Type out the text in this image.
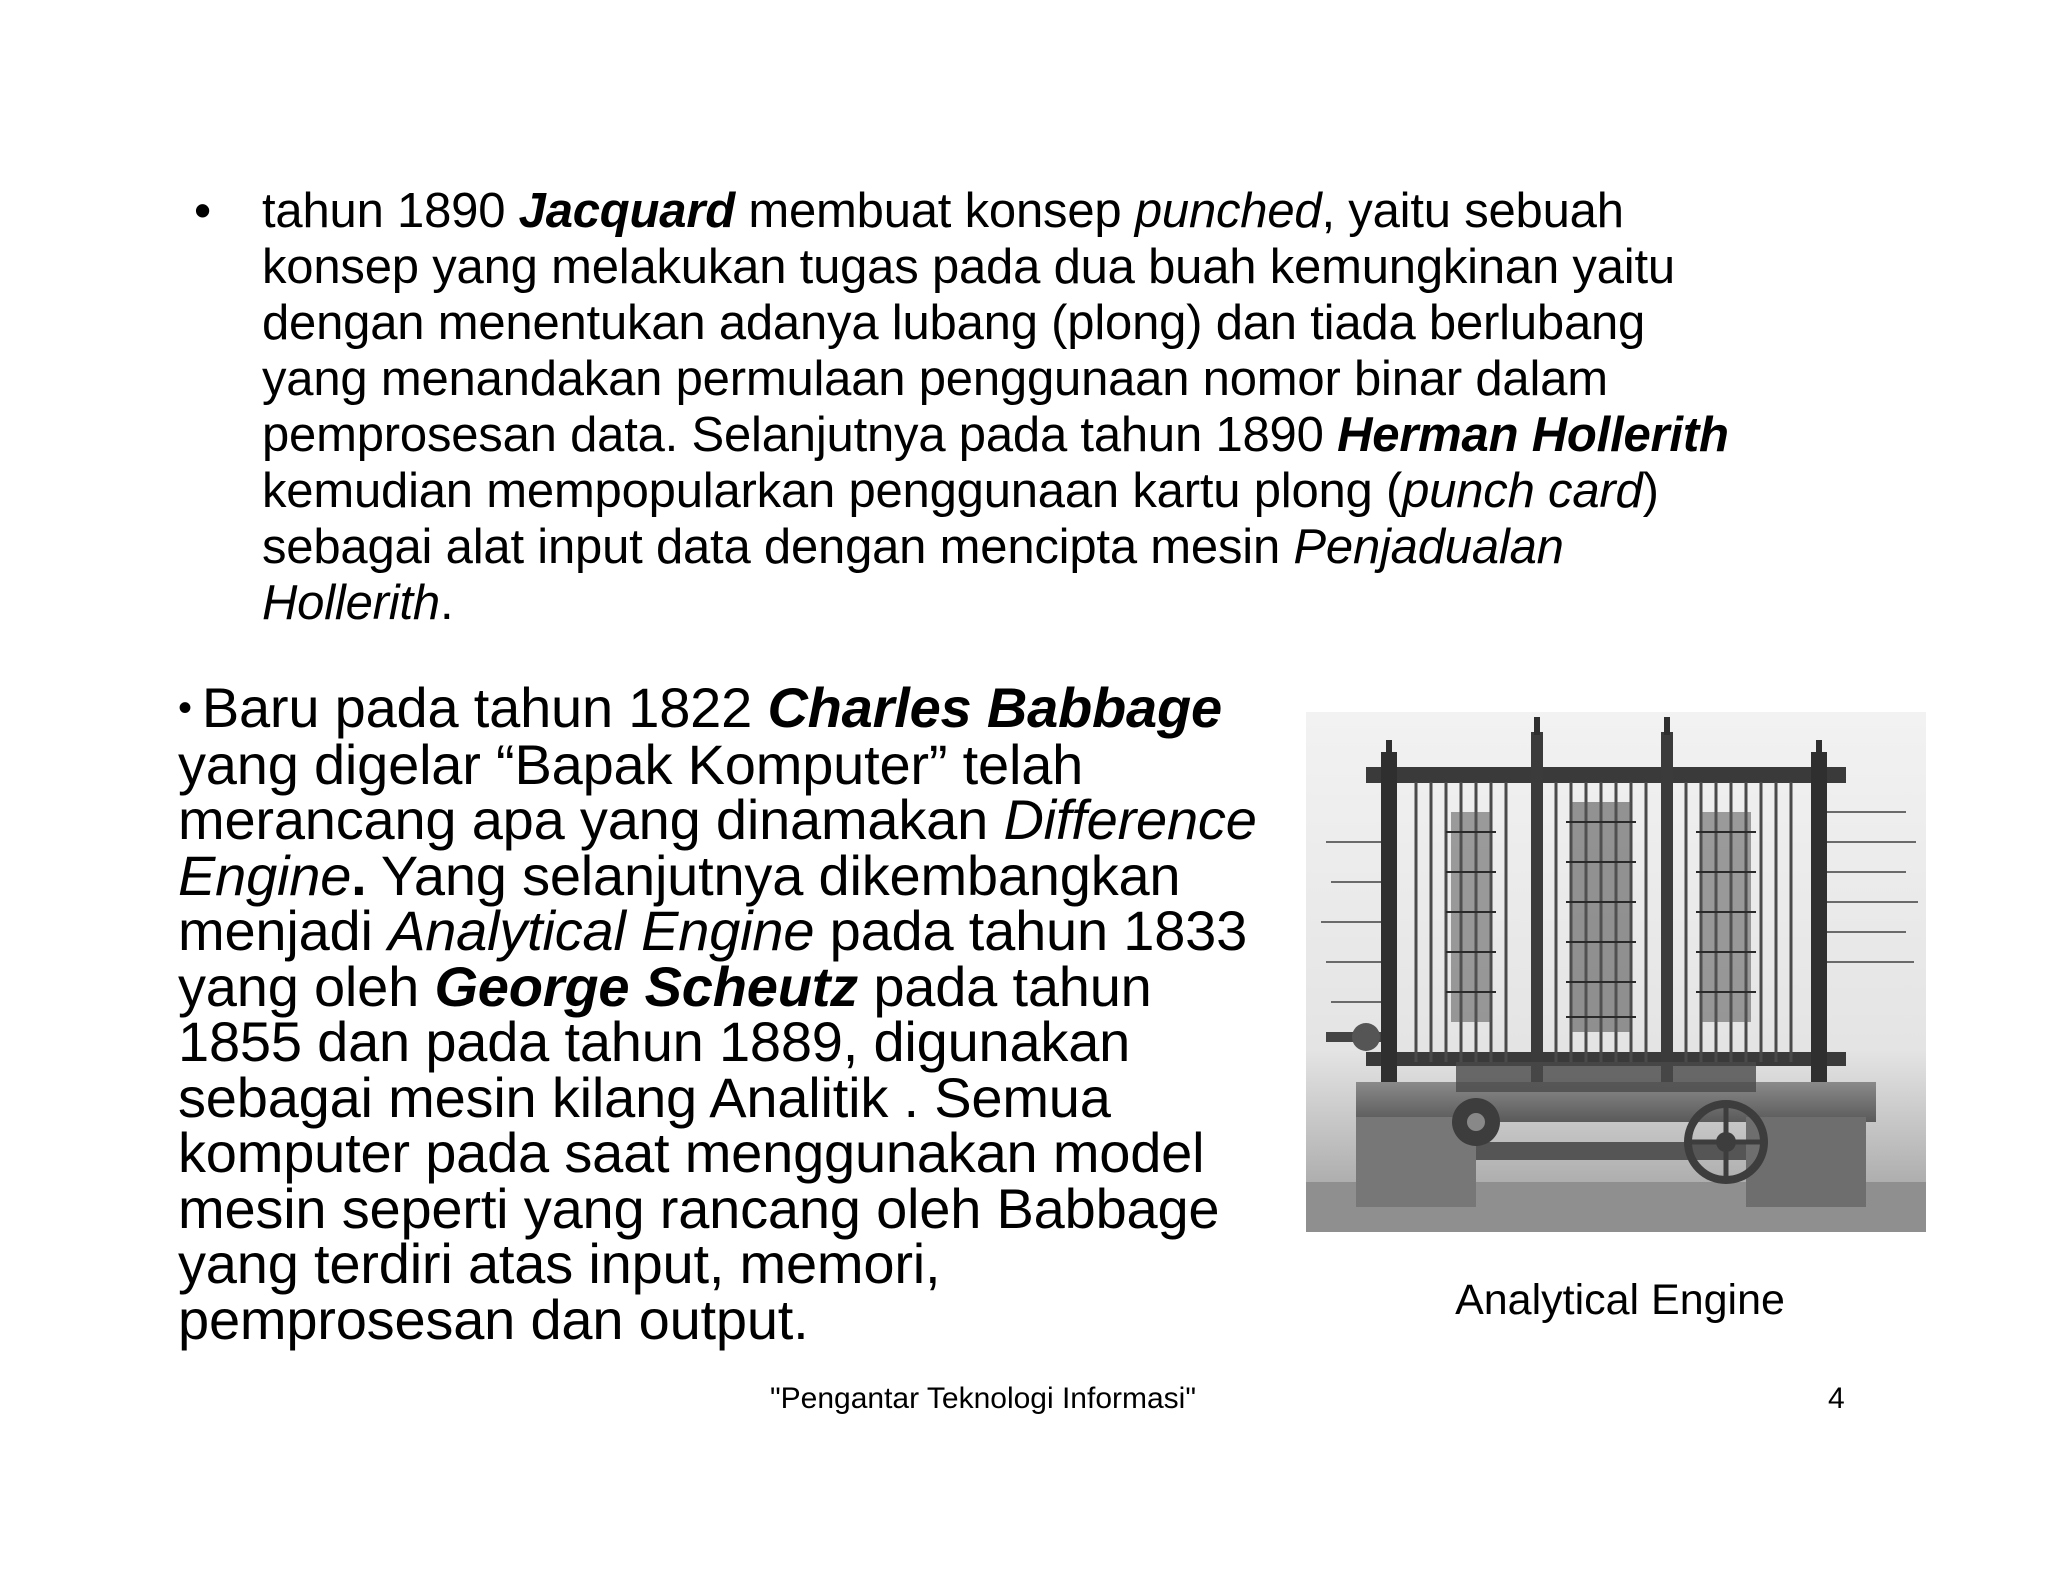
• tahun 1890 Jacquard membuat konsep punched, yaitu sebuah
konsep yang melakukan tugas pada dua buah kemungkinan yaitu
dengan menentukan adanya lubang (plong) dan tiada berlubang
yang menandakan permulaan penggunaan nomor binar dalam
pemprosesan data. Selanjutnya pada tahun 1890 Herman Hollerith
kemudian mempopularkan penggunaan kartu plong (punch card)
sebagai alat input data dengan mencipta mesin Penjadualan
Hollerith.
• Baru pada tahun 1822 Charles Babbage
yang digelar “Bapak Komputer” telah
merancang apa yang dinamakan Difference
Engine. Yang selanjutnya dikembangkan
menjadi Analytical Engine pada tahun 1833
yang oleh George Scheutz pada tahun
1855 dan pada tahun 1889, digunakan
sebagai mesin kilang Analitik . Semua
komputer pada saat menggunakan model
mesin seperti yang rancang oleh Babbage
yang terdiri atas input, memori,
pemprosesan dan output.	Analytical Engine
"Pengantar Teknologi Informasi"	4
